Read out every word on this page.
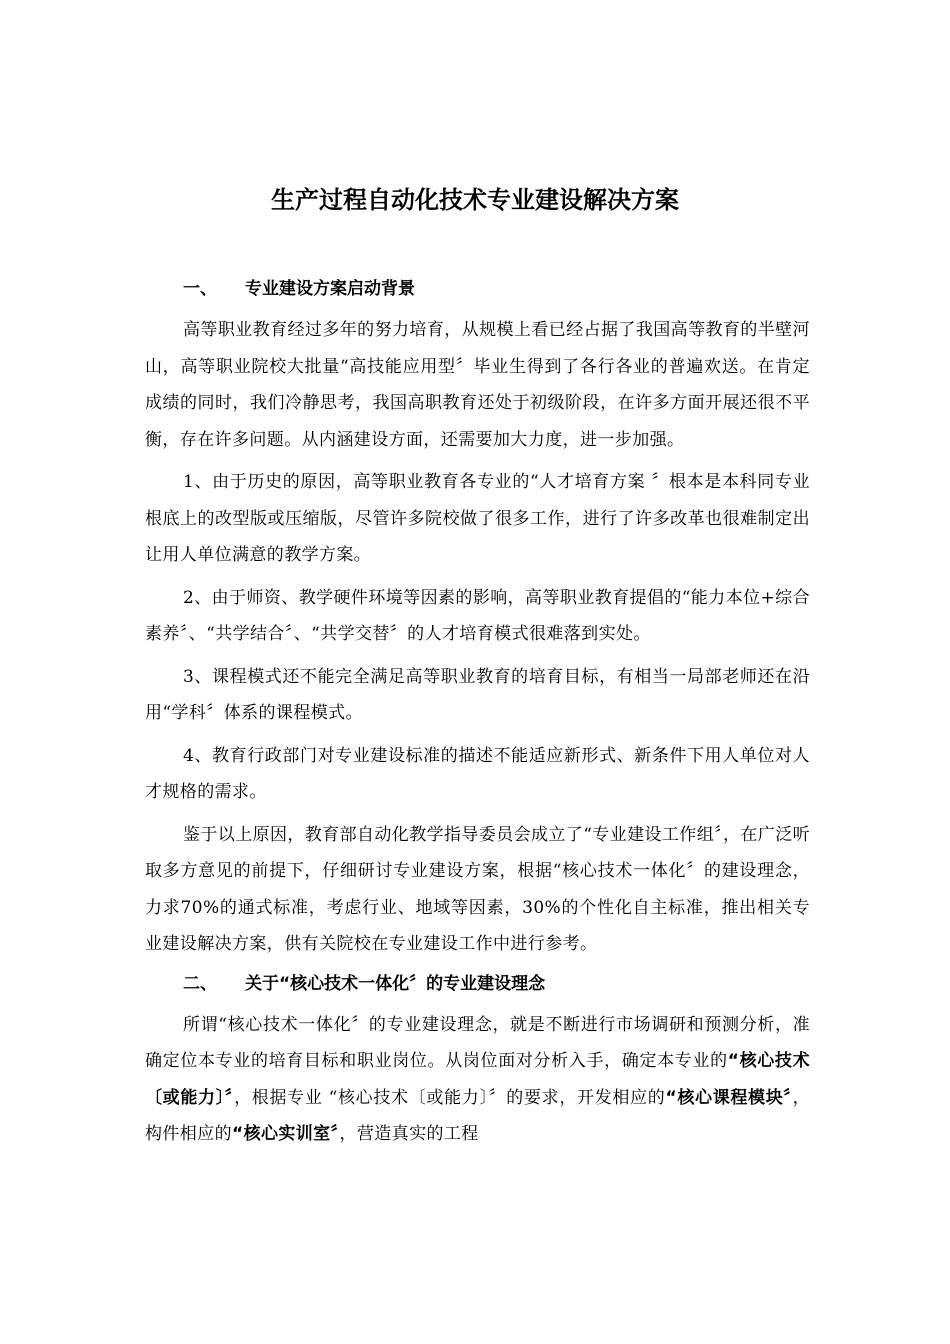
生产过程自动化技术专业建设解决方案
一、	专业建设方案启动背景

高等职业教育经过多年的努力培育，从规模上看已经占据了我国高等教育的半壁河山，高等职业院校大批量“高技能应用型〞毕业生得到了各行各业的普遍欢送。在肯定成绩的同时，我们冷静思考，我国高职教育还处于初级阶段，在许多方面开展还很不平衡，存在许多问题。从内涵建设方面，还需要加大力度，进一步加强。

1、由于历史的原因，高等职业教育各专业的“人才培育方案 〞根本是本科同专业根底上的改型版或压缩版，尽管许多院校做了很多工作，进行了许多改革也很难制定出让用人单位满意的教学方案。

2、由于师资、教学硬件环境等因素的影响，高等职业教育提倡的“能力本位+综合素养〞、“共学结合〞、“共学交替〞的人才培育模式很难落到实处。

3、课程模式还不能完全满足高等职业教育的培育目标，有相当一局部老师还在沿用“学科〞体系的课程模式。

4、教育行政部门对专业建设标准的描述不能适应新形式、新条件下用人单位对人才规格的需求。

鉴于以上原因，教育部自动化教学指导委员会成立了“专业建设工作组〞，在广泛听取多方意见的前提下，仔细研讨专业建设方案，根据“核心技术一体化〞的建设理念，力求70%的通式标准，考虑行业、地域等因素，30%的个性化自主标准，推出相关专业建设解决方案，供有关院校在专业建设工作中进行参考。

二、	关于“核心技术一体化〞的专业建设理念

所谓“核心技术一体化〞的专业建设理念，就是不断进行市场调研和预测分析，准确定位本专业的培育目标和职业岗位。从岗位面对分析入手，确定本专业的“核心技术〔或能力〕〞，根据专业 “核心技术〔或能力〕〞的要求，开发相应的“核心课程模块〞，构件相应的“核心实训室〞，营造真实的工程
